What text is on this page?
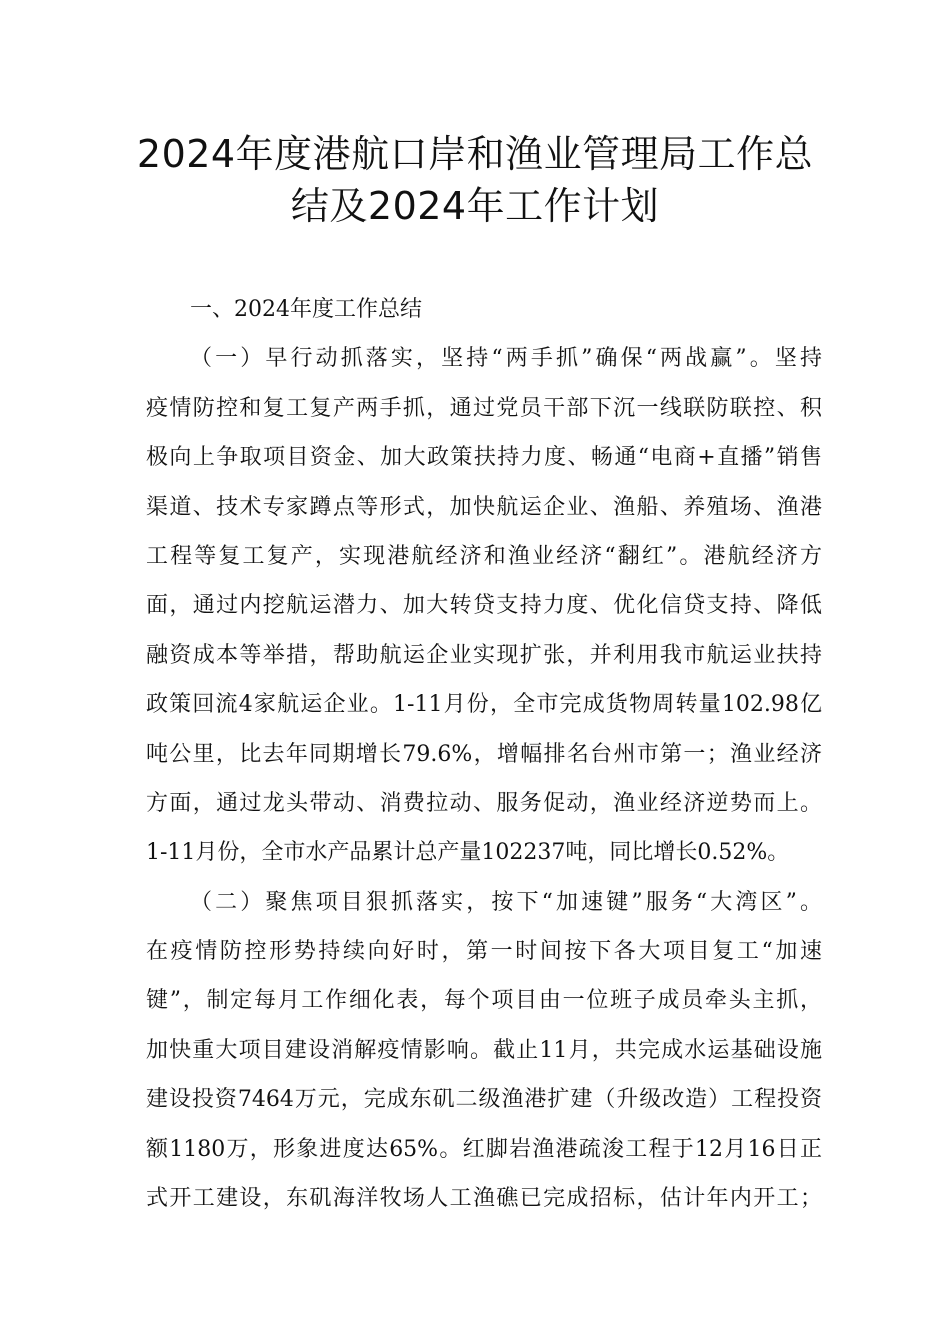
2024年度港航口岸和渔业管理局工作总
结及2024年工作计划
一、2024年度工作总结
（一）早行动抓落实，坚持“两手抓”确保“两战赢”。坚持
疫情防控和复工复产两手抓，通过党员干部下沉一线联防联控、积
极向上争取项目资金、加大政策扶持力度、畅通“电商+直播”销售
渠道、技术专家蹲点等形式，加快航运企业、渔船、养殖场、渔港
工程等复工复产，实现港航经济和渔业经济“翻红”。港航经济方
面，通过内挖航运潜力、加大转贷支持力度、优化信贷支持、降低
融资成本等举措，帮助航运企业实现扩张，并利用我市航运业扶持
政策回流4家航运企业。1-11月份，全市完成货物周转量102.98亿
吨公里，比去年同期增长79.6%，增幅排名台州市第一；渔业经济
方面，通过龙头带动、消费拉动、服务促动，渔业经济逆势而上。
1-11月份，全市水产品累计总产量102237吨，同比增长0.52%。
（二）聚焦项目狠抓落实，按下“加速键”服务“大湾区”。
在疫情防控形势持续向好时，第一时间按下各大项目复工“加速
键”，制定每月工作细化表，每个项目由一位班子成员牵头主抓，
加快重大项目建设消解疫情影响。截止11月，共完成水运基础设施
建设投资7464万元，完成东矶二级渔港扩建（升级改造）工程投资
额1180万，形象进度达65%。红脚岩渔港疏浚工程于12月16日正
式开工建设，东矶海洋牧场人工渔礁已完成招标，估计年内开工；
